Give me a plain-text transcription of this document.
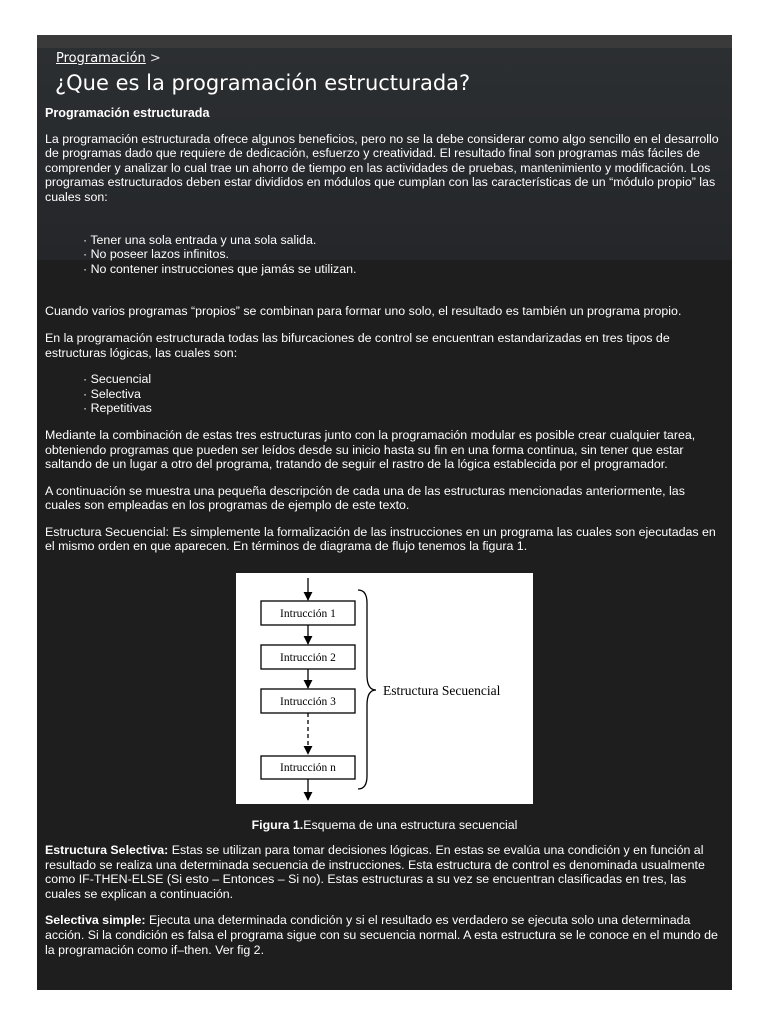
Programación >
¿Que es la programación estructurada?

Programación estructurada

La programación estructurada ofrece algunos beneficios, pero no se la debe considerar como algo sencillo en el desarrollo de programas dado que requiere de dedicación, esfuerzo y creatividad. El resultado final son programas más fáciles de comprender y analizar lo cual trae un ahorro de tiempo en las actividades de pruebas, mantenimiento y modificación. Los programas estructurados deben estar divididos en módulos que cumplan con las características de un “módulo propio” las cuales son:

· Tener una sola entrada y una sola salida.
· No poseer lazos infinitos.
· No contener instrucciones que jamás se utilizan.

Cuando varios programas “propios” se combinan para formar uno solo, el resultado es también un programa propio.

En la programación estructurada todas las bifurcaciones de control se encuentran estandarizadas en tres tipos de estructuras lógicas, las cuales son:

· Secuencial
· Selectiva
· Repetitivas

Mediante la combinación de estas tres estructuras junto con la programación modular es posible crear cualquier tarea, obteniendo programas que pueden ser leídos desde su inicio hasta su fin en una forma continua, sin tener que estar saltando de un lugar a otro del programa, tratando de seguir el rastro de la lógica establecida por el programador.

A continuación se muestra una pequeña descripción de cada una de las estructuras mencionadas anteriormente, las cuales son empleadas en los programas de ejemplo de este texto.

Estructura Secuencial: Es simplemente la formalización de las instrucciones en un programa las cuales son ejecutadas en el mismo orden en que aparecen. En términos de diagrama de flujo tenemos la figura 1.

Intrucción 1
Intrucción 2
Intrucción 3
Intrucción n
Estructura Secuencial
Figura 1.Esquema de una estructura secuencial

Estructura Selectiva: Estas se utilizan para tomar decisiones lógicas. En estas se evalúa una condición y en función al resultado se realiza una determinada secuencia de instrucciones. Esta estructura de control es denominada usualmente como IF-THEN-ELSE (Si esto – Entonces – Si no). Estas estructuras a su vez se encuentran clasificadas en tres, las cuales se explican a continuación.

Selectiva simple: Ejecuta una determinada condición y si el resultado es verdadero se ejecuta solo una determinada acción. Si la condición es falsa el programa sigue con su secuencia normal. A esta estructura se le conoce en el mundo de la programación como if–then. Ver fig 2.
